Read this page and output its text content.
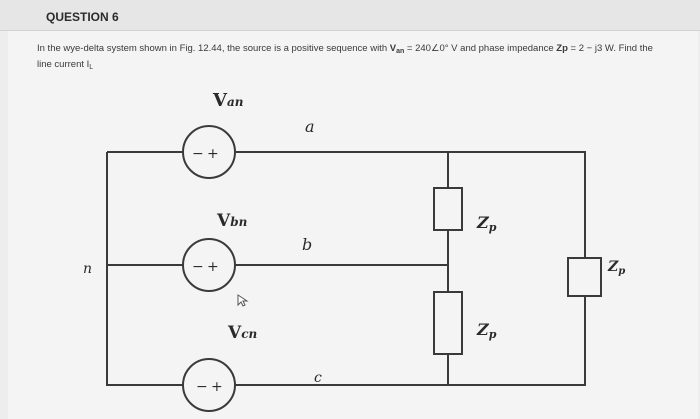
QUESTION 6
In the wye-delta system shown in Fig. 12.44, the source is a positive sequence with $V_{an}$ = 240∠0° V and phase impedance Zp = 2 − j3 W. Find the
line current $I_L$
− +
− +
− +
Van
Vbn
Vcn
a
b
c
n
Zp
Zp
$Z_p$
